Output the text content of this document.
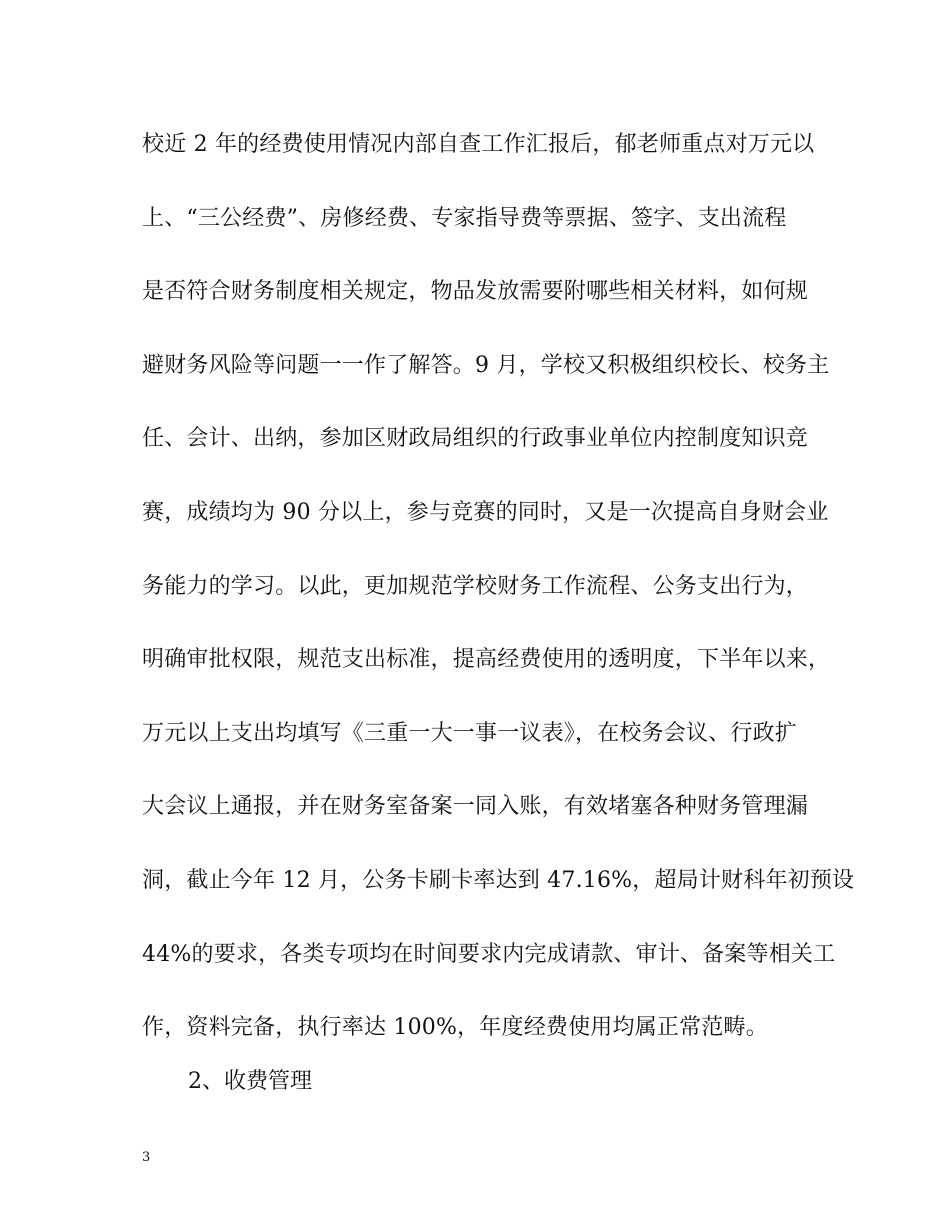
校近 2 年的经费使用情况内部自查工作汇报后，郁老师重点对万元以
上、“三公经费”、房修经费、专家指导费等票据、签字、支出流程
是否符合财务制度相关规定，物品发放需要附哪些相关材料，如何规
避财务风险等问题一一作了解答。9 月，学校又积极组织校长、校务主
任、会计、出纳，参加区财政局组织的行政事业单位内控制度知识竞
赛，成绩均为 90 分以上，参与竞赛的同时，又是一次提高自身财会业
务能力的学习。以此，更加规范学校财务工作流程、公务支出行为，
明确审批权限，规范支出标准，提高经费使用的透明度，下半年以来，
万元以上支出均填写《三重一大一事一议表》，在校务会议、行政扩
大会议上通报，并在财务室备案一同入账，有效堵塞各种财务管理漏
洞，截止今年 12 月，公务卡刷卡率达到 47.16%，超局计财科年初预设
44%的要求，各类专项均在时间要求内完成请款、审计、备案等相关工
作，资料完备，执行率达 100%，年度经费使用均属正常范畴。
2、收费管理
3
